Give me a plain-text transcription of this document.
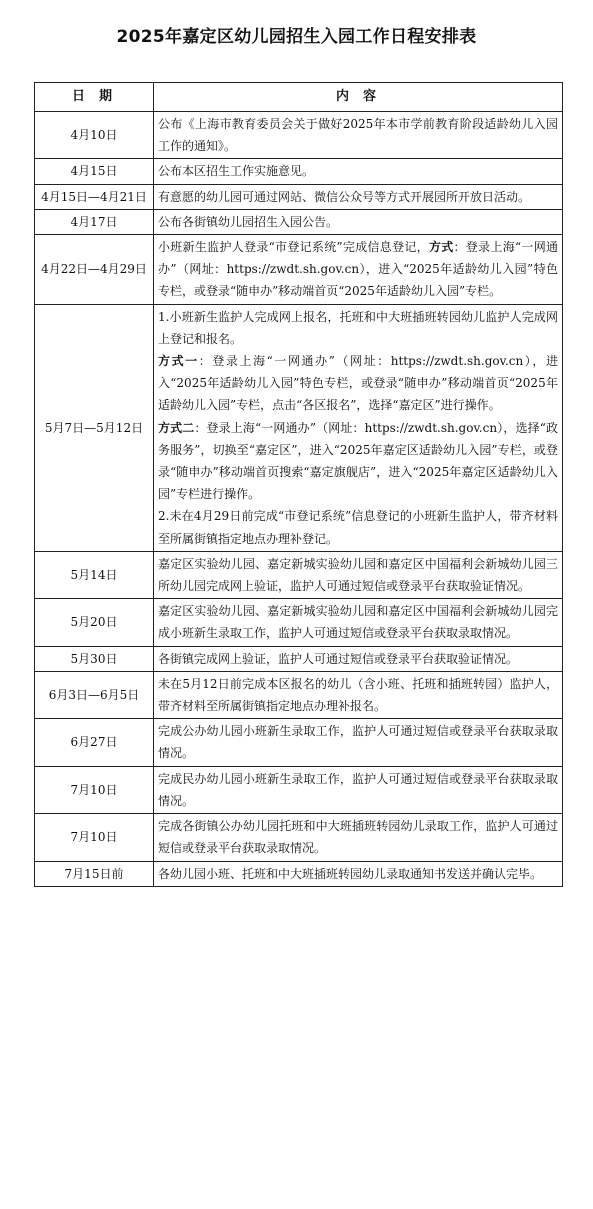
2025年嘉定区幼儿园招生入园工作日程安排表
日期	内容
4月10日	公布《上海市教育委员会关于做好2025年本市学前教育阶段适龄幼儿入园工作的通知》。
4月15日	公布本区招生工作实施意见。
4月15日—4月21日	有意愿的幼儿园可通过网站、微信公众号等方式开展园所开放日活动。
4月17日	公布各街镇幼儿园招生入园公告。
4月22日—4月29日	小班新生监护人登录“市登记系统”完成信息登记，方式：登录上海“一网通办”（网址：https://zwdt.sh.gov.cn），进入“2025年适龄幼儿入园”特色专栏，或登录“随申办”移动端首页“2025年适龄幼儿入园”专栏。
5月7日—5月12日	1.小班新生监护人完成网上报名，托班和中大班插班转园幼儿监护人完成网上登记和报名。
方式一：登录上海“一网通办”（网址：https://zwdt.sh.gov.cn），进入“2025年适龄幼儿入园”特色专栏，或登录“随申办”移动端首页“2025年适龄幼儿入园”专栏，点击“各区报名”，选择“嘉定区”进行操作。
方式二：登录上海“一网通办”（网址：https://zwdt.sh.gov.cn），选择“政务服务”，切换至“嘉定区”，进入“2025年嘉定区适龄幼儿入园”专栏，或登录“随申办”移动端首页搜索“嘉定旗舰店”，进入“2025年嘉定区适龄幼儿入园”专栏进行操作。
2.未在4月29日前完成“市登记系统”信息登记的小班新生监护人，带齐材料至所属街镇指定地点办理补登记。
5月14日	嘉定区实验幼儿园、嘉定新城实验幼儿园和嘉定区中国福利会新城幼儿园三所幼儿园完成网上验证，监护人可通过短信或登录平台获取验证情况。
5月20日	嘉定区实验幼儿园、嘉定新城实验幼儿园和嘉定区中国福利会新城幼儿园完成小班新生录取工作，监护人可通过短信或登录平台获取录取情况。
5月30日	各街镇完成网上验证，监护人可通过短信或登录平台获取验证情况。
6月3日—6月5日	未在5月12日前完成本区报名的幼儿（含小班、托班和插班转园）监护人，带齐材料至所属街镇指定地点办理补报名。
6月27日	完成公办幼儿园小班新生录取工作，监护人可通过短信或登录平台获取录取情况。
7月10日	完成民办幼儿园小班新生录取工作，监护人可通过短信或登录平台获取录取情况。
7月10日	完成各街镇公办幼儿园托班和中大班插班转园幼儿录取工作，监护人可通过短信或登录平台获取录取情况。
7月15日前	各幼儿园小班、托班和中大班插班转园幼儿录取通知书发送并确认完毕。
